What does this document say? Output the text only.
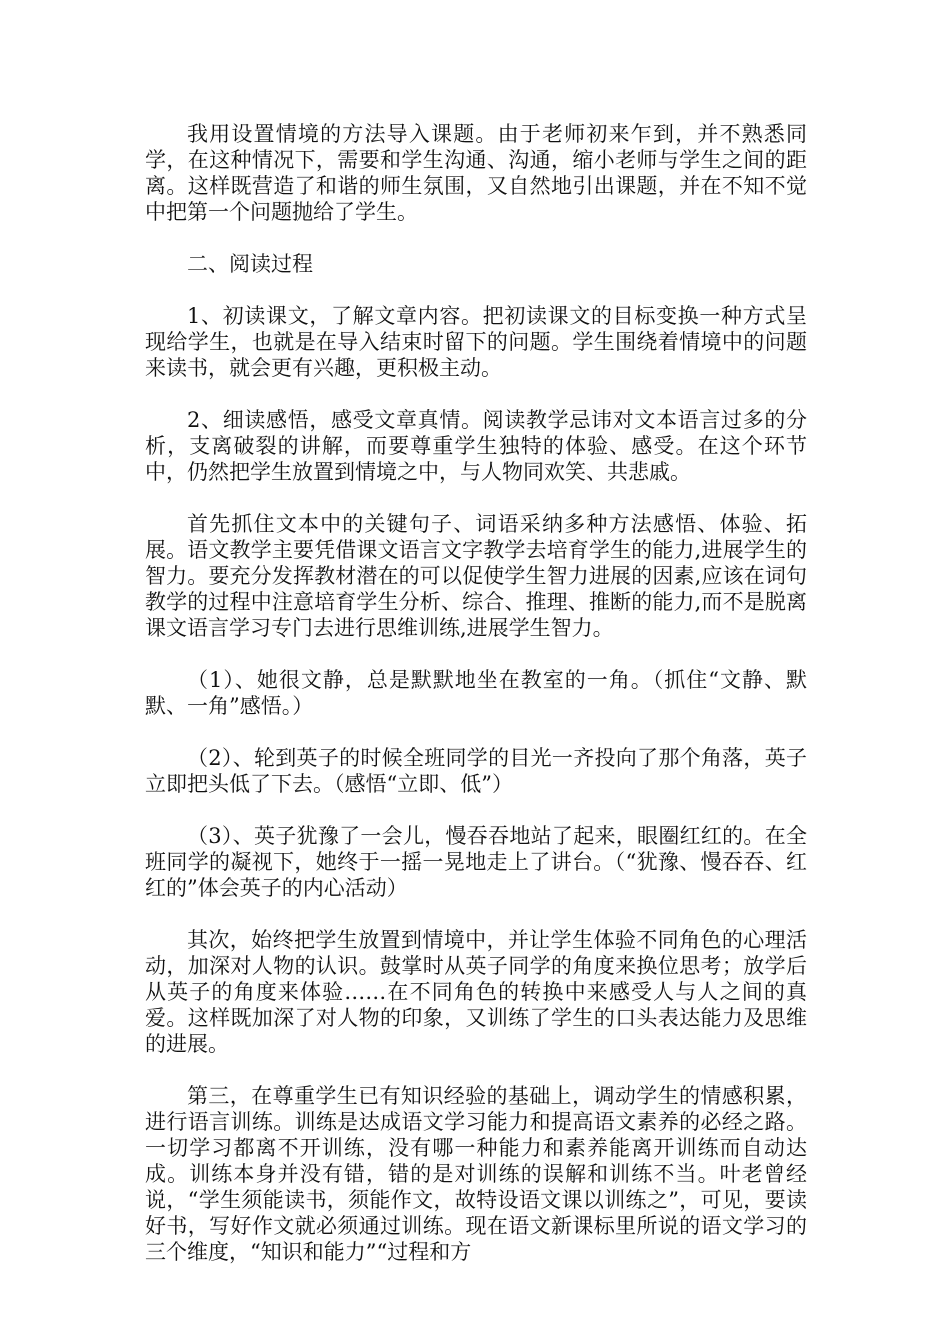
我用设置情境的方法导入课题。由于老师初来乍到，并不熟悉同学，在这种情况下，需要和学生沟通、沟通，缩小老师与学生之间的距离。这样既营造了和谐的师生氛围，又自然地引出课题，并在不知不觉中把第一个问题抛给了学生。

二、阅读过程

1、初读课文，了解文章内容。把初读课文的目标变换一种方式呈现给学生，也就是在导入结束时留下的问题。学生围绕着情境中的问题来读书，就会更有兴趣，更积极主动。

2、细读感悟，感受文章真情。阅读教学忌讳对文本语言过多的分析，支离破裂的讲解，而要尊重学生独特的体验、感受。在这个环节中，仍然把学生放置到情境之中，与人物同欢笑、共悲戚。

首先抓住文本中的关键句子、词语采纳多种方法感悟、体验、拓展。语文教学主要凭借课文语言文字教学去培育学生的能力,进展学生的智力。要充分发挥教材潜在的可以促使学生智力进展的因素,应该在词句教学的过程中注意培育学生分析、综合、推理、推断的能力,而不是脱离课文语言学习专门去进行思维训练,进展学生智力。

（1）、她很文静，总是默默地坐在教室的一角。（抓住“文静、默默、一角”感悟。）

（2）、轮到英子的时候全班同学的目光一齐投向了那个角落，英子立即把头低了下去。（感悟“立即、低”）

（3）、英子犹豫了一会儿，慢吞吞地站了起来，眼圈红红的。在全班同学的凝视下，她终于一摇一晃地走上了讲台。（“犹豫、慢吞吞、红红的”体会英子的内心活动）

其次，始终把学生放置到情境中，并让学生体验不同角色的心理活动，加深对人物的认识。鼓掌时从英子同学的角度来换位思考；放学后从英子的角度来体验……在不同角色的转换中来感受人与人之间的真爱。这样既加深了对人物的印象，又训练了学生的口头表达能力及思维的进展。

第三，在尊重学生已有知识经验的基础上，调动学生的情感积累，进行语言训练。训练是达成语文学习能力和提高语文素养的必经之路。一切学习都离不开训练，没有哪一种能力和素养能离开训练而自动达成。训练本身并没有错，错的是对训练的误解和训练不当。叶老曾经说，“学生须能读书，须能作文，故特设语文课以训练之”，可见，要读好书，写好作文就必须通过训练。现在语文新课标里所说的语文学习的三个维度，“知识和能力”“过程和方
